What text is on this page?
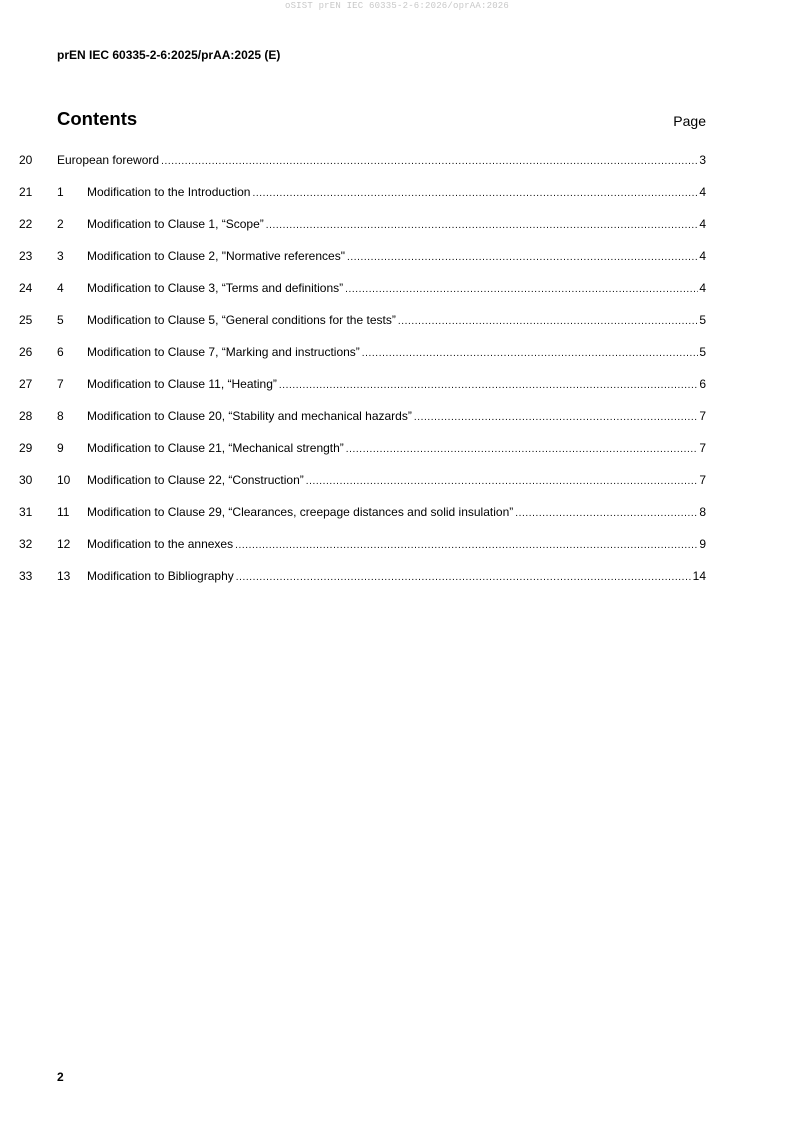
oSIST prEN IEC 60335-2-6:2026/oprAA:2026
prEN IEC 60335-2-6:2025/prAA:2025 (E)
Contents	Page
20 European foreword .....	3
21 1	Modification to the Introduction .....	4
22 2	Modification to Clause 1, “Scope” .....	4
23 3	Modification to Clause 2, "Normative references" .....	4
24 4	Modification to Clause 3, “Terms and definitions” .....	4
25 5	Modification to Clause 5, “General conditions for the tests” .....	5
26 6	Modification to Clause 7, “Marking and instructions” .....	5
27 7	Modification to Clause 11, “Heating” .....	6
28 8	Modification to Clause 20, “Stability and mechanical hazards” .....	7
29 9	Modification to Clause 21, “Mechanical strength” .....	7
30 10	Modification to Clause 22, “Construction” .....	7
31 11	Modification to Clause 29, “Clearances, creepage distances and solid insulation” .....	8
32 12	Modification to the annexes .....	9
33 13	Modification to Bibliography .....	14
2
